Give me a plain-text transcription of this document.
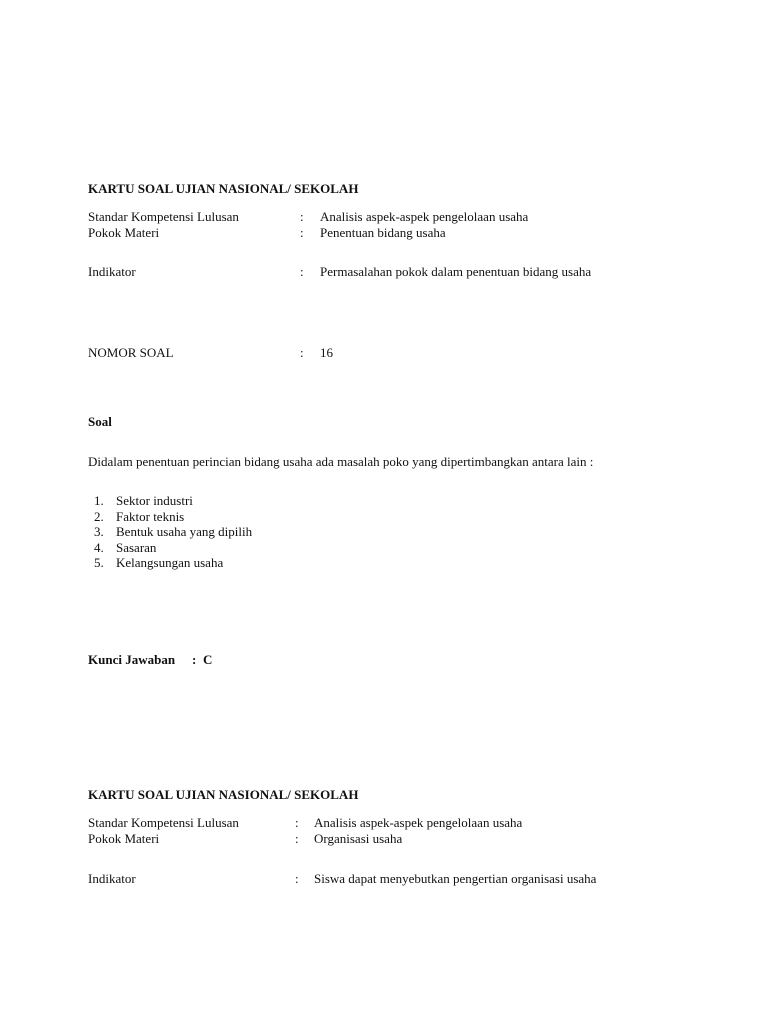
KARTU SOAL UJIAN NASIONAL/ SEKOLAH
Standar Kompetensi Lulusan	: Analisis aspek-aspek pengelolaan usaha
Pokok Materi	: Penentuan bidang usaha
Indikator	: Permasalahan pokok dalam penentuan bidang usaha
NOMOR SOAL	: 16
Soal
Didalam penentuan perincian bidang usaha ada masalah poko yang dipertimbangkan antara lain :
1. Sektor industri
2. Faktor teknis
3. Bentuk usaha yang dipilih
4. Sasaran
5. Kelangsungan usaha
Kunci Jawaban : C
KARTU SOAL UJIAN NASIONAL/ SEKOLAH
Standar Kompetensi Lulusan	: Analisis aspek-aspek pengelolaan usaha
Pokok Materi	: Organisasi usaha
Indikator	: Siswa dapat menyebutkan pengertian organisasi usaha
